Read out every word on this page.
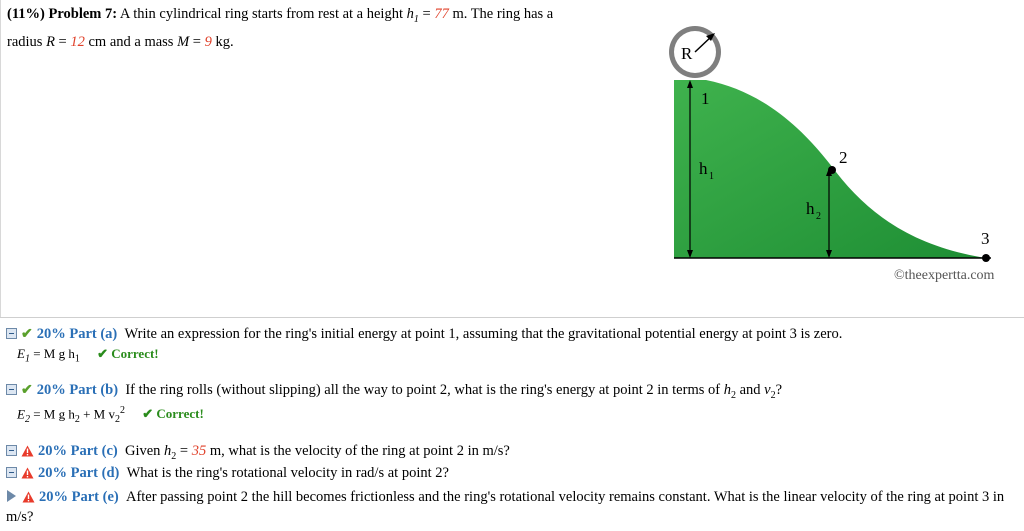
(11%) Problem 7: A thin cylindrical ring starts from rest at a height $h_1 = 77$ m. The ring has a
radius R = 12 cm and a mass M = 9 kg.
R
1
2
3
h 1
h 2
©theexpertta.com
✔ 20% Part (a) Write an expression for the ring's initial energy at point 1, assuming that the gravitational potential energy at point 3 is zero.
$E_1 = M$ g $h_1$ ✔ Correct!
✔ 20% Part (b) If the ring rolls (without slipping) all the way to point 2, what is the ring's energy at point 2 in terms of $h_2$ and $v_2$?
$E_2 = M$ g $h_2 + M$ $v_2^2$ ✔ Correct!
20% Part (c) Given $h_2 = 35$ m, what is the velocity of the ring at point 2 in m/s?
20% Part (d) What is the ring's rotational velocity in rad/s at point 2?
20% Part (e) After passing point 2 the hill becomes frictionless and the ring's rotational velocity remains constant. What is the linear velocity of the ring at point 3 in m/s?
